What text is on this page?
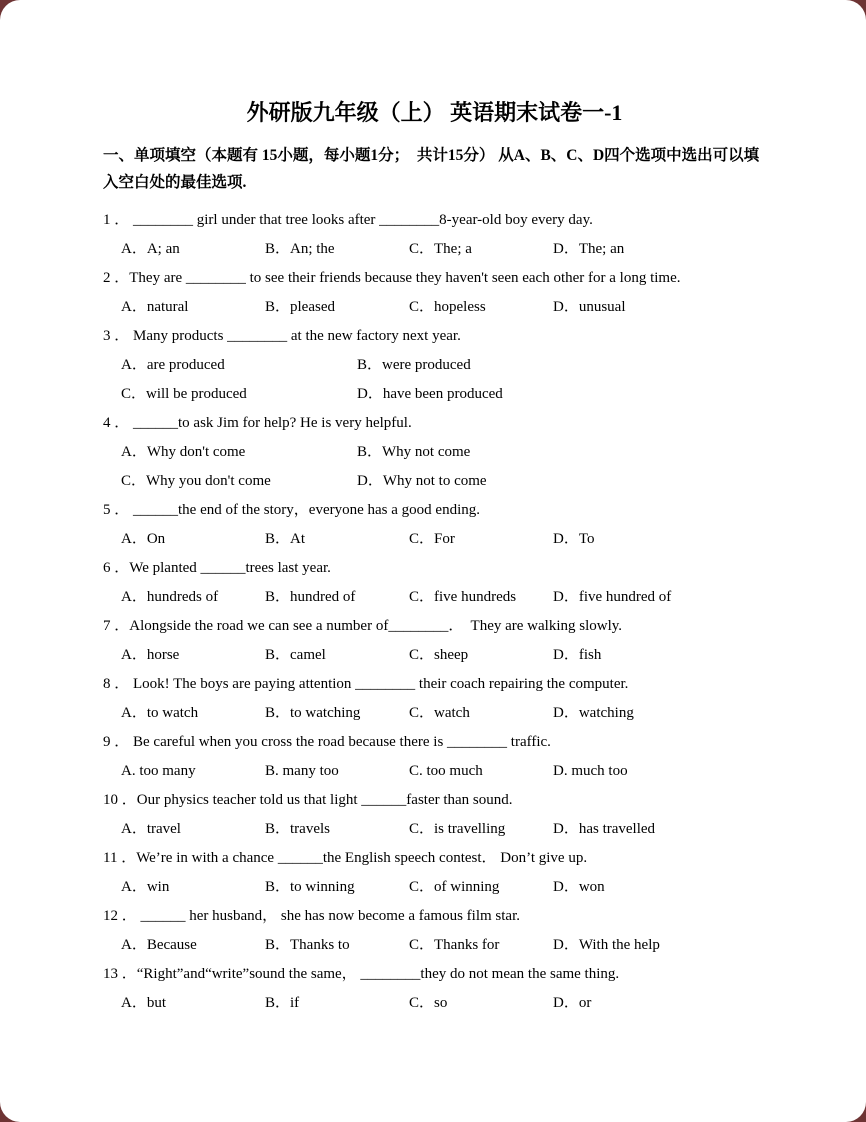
外研版九年级（上） 英语期末试卷一-1

一、单项填空（本题有 15小题，每小题1分；　共计15分） 从A、B、C、D四个选项中选出可以填入空白处的最佳选项.

1 ． ________ girl under that tree looks after ________8-year-old boy every day.
A．A; an	B．An; the	C．The; a	D．The; an
2 ．They are ________ to see their friends because they haven't seen each other for a long time.
A．natural	B．pleased	C．hopeless	D．unusual
3 ． Many products ________ at the new factory next year.
A．are produced	B．were produced
C．will be produced	D．have been produced
4 ． ______to ask Jim for help? He is very helpful.
A．Why don't come	B．Why not come
C．Why you don't come	D．Why not to come
5 ． ______the end of the story，everyone has a good ending.
A．On	B．At	C．For	D．To
6 ．We planted ______trees last year.
A．hundreds of	B．hundred of	C．five hundreds D．five hundred of
7 ．Alongside the road we can see a number of________．  They are walking slowly.
A．horse	B．camel	C．sheep	D．fish
8 ． Look! The boys are paying attention ________ their coach repairing the computer.
A．to watch	B．to watching	C．watch	D．watching
9 ． Be careful when you cross the road because there is ________ traffic.
A. too many	B. many too	C. too much	D. much too
10 ．Our physics teacher told us that light ______faster than sound.
A．travel	B．travels	C．is travelling	D．has travelled
11 ．We’re in with a chance ______the English speech contest． Don’t give up.
A．win	B．to winning	C．of winning	D．won
12 ． ______ her husband， she has now become a famous film star.
A．Because	B．Thanks to	C．Thanks for	D．With the help
13 ．“Right”and“write”sound the same， ________they do not mean the same thing.
A．but	B．if	C．so	D．or
